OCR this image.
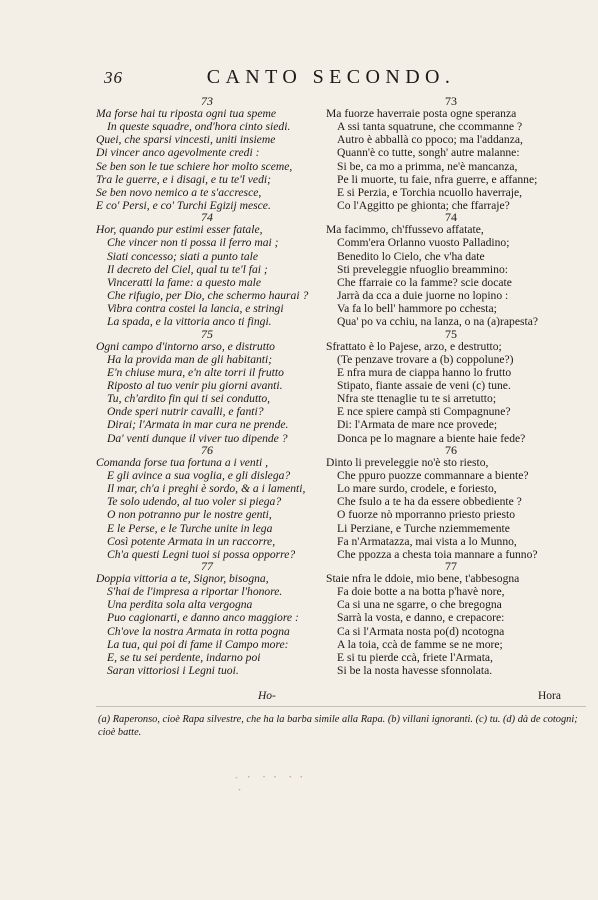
36	CANTO SECONDO.
73
Ma forse hai tu riposta ogni tua speme
In queste squadre, ond'hora cinto siedi.
Quei, che sparsi vincesti, uniti insieme
Di vincer anco agevolmente credi :
Se ben son le tue schiere hor molto sceme,
Tra le guerre, e i disagi, e tu te'l vedi;
Se ben novo nemico a te s'accresce,
E co' Persi, e co' Turchi Egizij mesce.
74
Hor, quando pur estimi esser fatale,
Che vincer non ti possa il ferro mai ;
Siati concesso; siati a punto tale
Il decreto del Ciel, qual tu te'l fai ;
Vinceratti la fame: a questo male
Che rifugio, per Dio, che schermo haurai ?
Vibra contra costei la lancia, e stringi
La spada, e la vittoria anco ti fingi.
75
Ogni campo d'intorno arso, e distrutto
Ha la provida man de gli habitanti;
E'n chiuse mura, e'n alte torri il frutto
Riposto al tuo venir piu giorni avanti.
Tu, ch'ardito fin qui ti sei condutto,
Onde speri nutrir cavalli, e fanti?
Dirai; l'Armata in mar cura ne prende.
Da' venti dunque il viver tuo dipende ?
76
Comanda forse tua fortuna a i venti ,
E gli avince a sua voglia, e gli dislega?
Il mar, ch'a i preghi è sordo, & a i lamenti,
Te solo udendo, al tuo voler si piega?
O non potranno pur le nostre genti,
E le Perse, e le Turche unite in lega
Così potente Armata in un raccorre,
Ch'a questi Legni tuoi si possa opporre?
77
Doppia vittoria a te, Signor, bisogna,
S'hai de l'impresa a riportar l'honore.
Una perdita sola alta vergogna
Puo cagionarti, e danno anco maggiore :
Ch'ove la nostra Armata in rotta pogna
La tua, qui poi di fame il Campo more:
E, se tu sei perdente, indarno poi
Saran vittoriosi i Legni tuoi.
73
Ma fuorze haverraie posta ogne speranza
A ssi tanta squatrune, che ccommanne ?
Autro è abballà co ppoco; ma l'addanza,
Quann'è co tutte, songh' autre malanne:
Si be, ca mo a primma, ne'è mancanza,
Pe li muorte, tu faie, nfra guerre, e affanne;
E si Perzia, e Torchia ncuollo haverraje,
Co l'Aggitto pe ghionta; che ffarraje?
74
Ma facimmo, ch'ffussevo affatate,
Comm'era Orlanno vuosto Palladino;
Benedito lo Cielo, che v'ha date
Sti preveleggie nfuoglio breammino:
Che ffarraie co la famme? scie docate
Jarrà da cca a duie juorne no lopino :
Va fa lo bell' hammore po cchesta;
Qua' po va cchiu, na lanza, o na (a)rapesta?
75
Sfrattato è lo Pajese, arzo, e destrutto;
(Te penzave trovare a (b) coppolune?)
E nfra mura de ciappa hanno lo frutto
Stipato, fiante assaie de veni (c) tune.
Nfra ste ttenaglie tu te si arretutto;
E nce spiere campà sti Compagnune?
Di: l'Armata de mare nce provede;
Donca pe lo magnare a biente haie fede?
76
Dinto li preveleggie no'è sto riesto,
Che ppuro puozze commannare a biente?
Lo mare surdo, crodele, e foriesto,
Che fsulo a te ha da essere obbediente ?
O fuorze nò mporranno priesto priesto
Li Perziane, e Turche nziemmemente
Fa n'Armatazza, mai vista a lo Munno,
Che ppozza a chesta toia mannare a funno?
77
Staie nfra le ddoie, mio bene, t'abbesogna
Fa doie botte a na botta p'havè nore,
Ca si una ne sgarre, o che bregogna
Sarrà la vosta, e danno, e crepacore:
Ca si l'Armata nosta po(d) ncotogna
A la toia, ccà de famme se ne more;
E si tu pierde ccà, friete l'Armata,
Si be la nosta havesse sfonnolata.
Ho-	Hora
(a) Raperonso, cioè Rapa silvestre, che ha la barba simile alla Rapa. (b) villani ignoranti. (c) tu. (d) dà de cotogni; cioè batte.
- ・ ・・ ・・ ・
